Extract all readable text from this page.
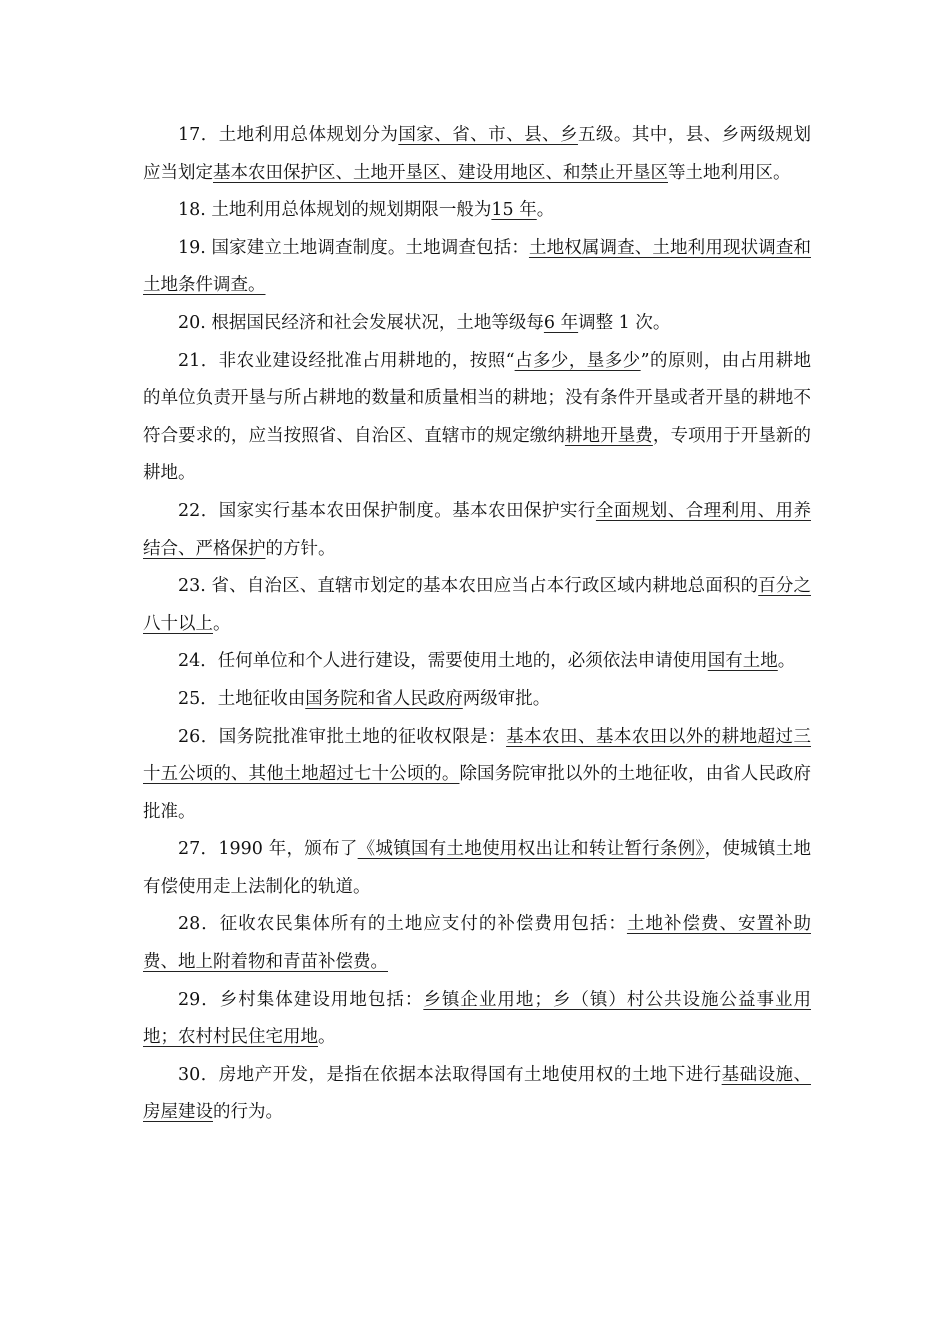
17．土地利用总体规划分为国家、省、市、县、乡五级。其中，县、乡两级规划应当划定基本农田保护区、土地开垦区、建设用地区、和禁止开垦区等土地利用区。

18. 土地利用总体规划的规划期限一般为15 年。

19. 国家建立土地调查制度。土地调查包括：土地权属调查、土地利用现状调查和土地条件调查。

20. 根据国民经济和社会发展状况，土地等级每6 年调整 1 次。

21．非农业建设经批准占用耕地的，按照“占多少，垦多少”的原则，由占用耕地的单位负责开垦与所占耕地的数量和质量相当的耕地；没有条件开垦或者开垦的耕地不符合要求的，应当按照省、自治区、直辖市的规定缴纳耕地开垦费，专项用于开垦新的耕地。

22．国家实行基本农田保护制度。基本农田保护实行全面规划、合理利用、用养结合、严格保护的方针。

23. 省、自治区、直辖市划定的基本农田应当占本行政区域内耕地总面积的百分之八十以上。

24．任何单位和个人进行建设，需要使用土地的，必须依法申请使用国有土地。

25．土地征收由国务院和省人民政府两级审批。

26．国务院批准审批土地的征收权限是：基本农田、基本农田以外的耕地超过三十五公顷的、其他土地超过七十公顷的。除国务院审批以外的土地征收，由省人民政府批准。

27．1990 年，颁布了《城镇国有土地使用权出让和转让暂行条例》，使城镇土地有偿使用走上法制化的轨道。

28．征收农民集体所有的土地应支付的补偿费用包括：土地补偿费、安置补助费、地上附着物和青苗补偿费。

29．乡村集体建设用地包括：乡镇企业用地；乡（镇）村公共设施公益事业用地；农村村民住宅用地。

30．房地产开发，是指在依据本法取得国有土地使用权的土地下进行基础设施、房屋建设的行为。
